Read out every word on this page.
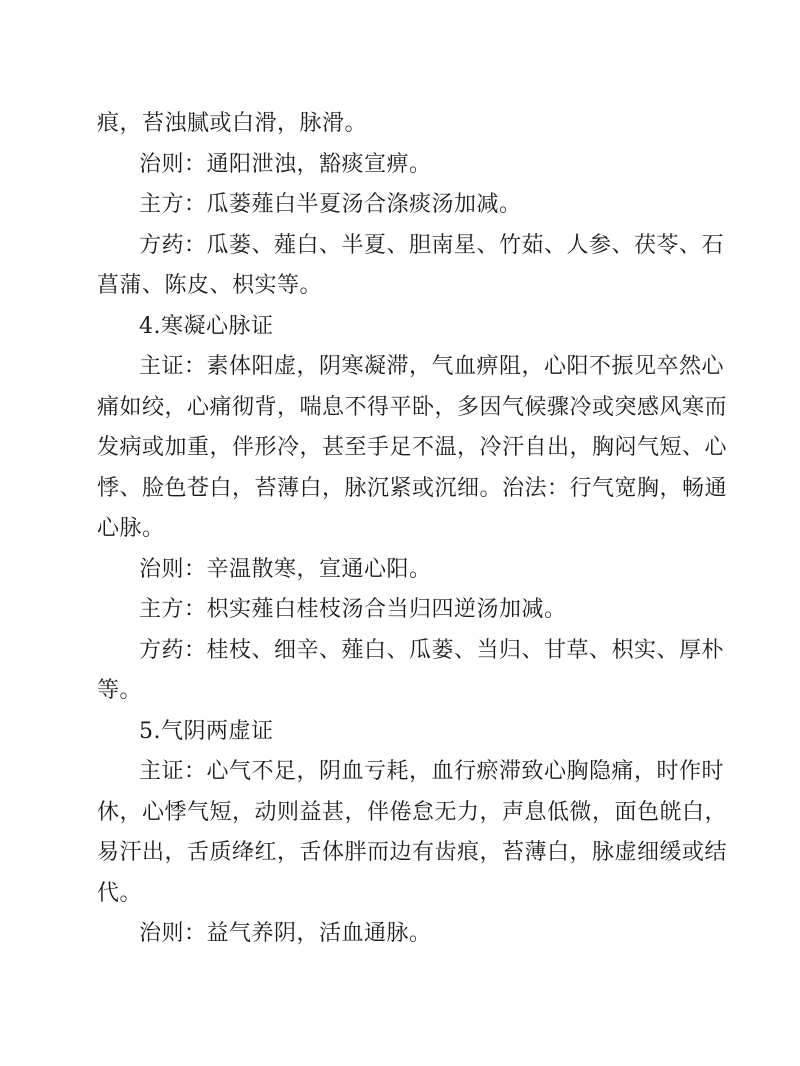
痕，苔浊腻或白滑，脉滑。
治则：通阳泄浊，豁痰宣痹。
主方：瓜蒌薤白半夏汤合涤痰汤加减。
方药：瓜蒌、薤白、半夏、胆南星、竹茹、人参、茯苓、石
菖蒲、陈皮、枳实等。
4.寒凝心脉证
主证：素体阳虚，阴寒凝滞，气血痹阻，心阳不振见卒然心
痛如绞，心痛彻背，喘息不得平卧，多因气候骤冷或突感风寒而
发病或加重，伴形冷，甚至手足不温，冷汗自出，胸闷气短、心
悸、脸色苍白，苔薄白，脉沉紧或沉细。治法：行气宽胸，畅通
心脉。
治则：辛温散寒，宣通心阳。
主方：枳实薤白桂枝汤合当归四逆汤加减。
方药：桂枝、细辛、薤白、瓜蒌、当归、甘草、枳实、厚朴
等。
5.气阴两虚证
主证：心气不足，阴血亏耗，血行瘀滞致心胸隐痛，时作时
休，心悸气短，动则益甚，伴倦怠无力，声息低微，面色㿠白，
易汗出，舌质绛红，舌体胖而边有齿痕，苔薄白，脉虚细缓或结
代。
治则：益气养阴，活血通脉。
